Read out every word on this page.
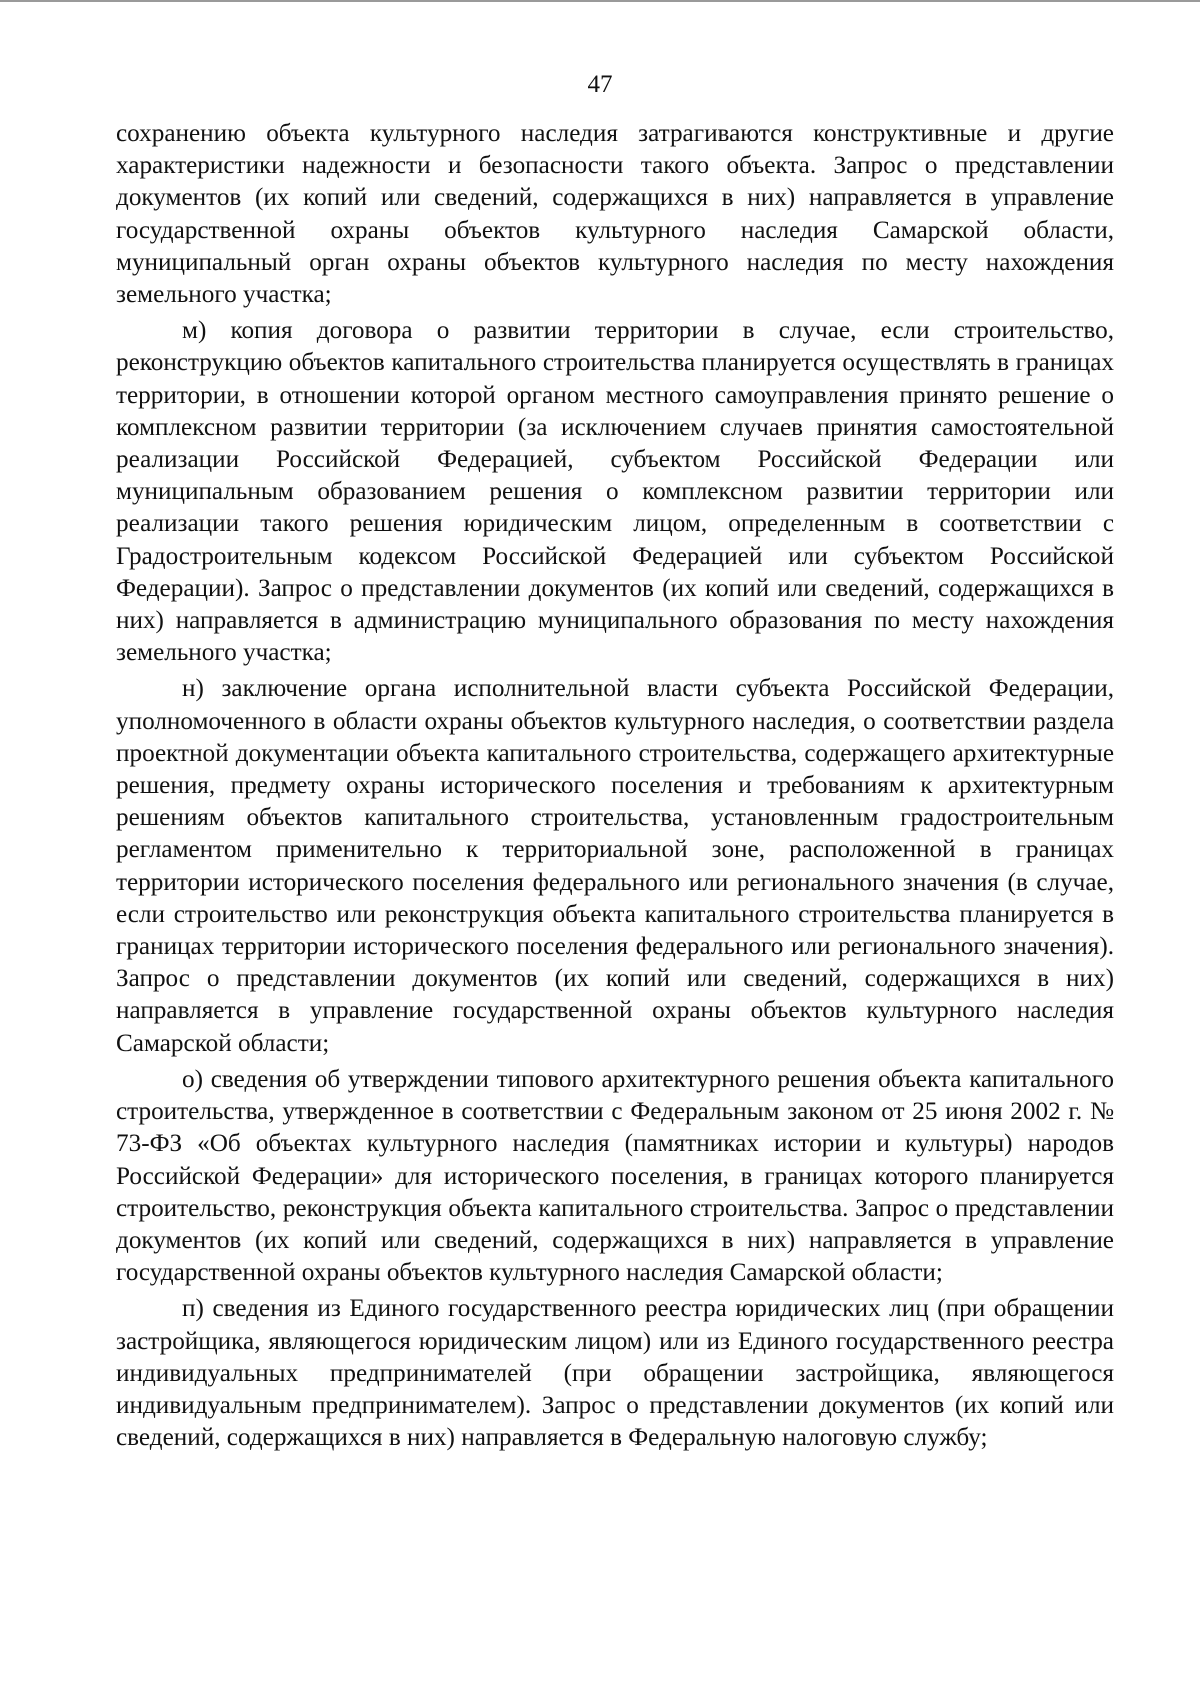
47

сохранению объекта культурного наследия затрагиваются конструктивные и другие характеристики надежности и безопасности такого объекта. Запрос о представлении документов (их копий или сведений, содержащихся в них) направляется в управление государственной охраны объектов культурного наследия Самарской области, муниципальный орган охраны объектов культурного наследия по месту нахождения земельного участка;

м) копия договора о развитии территории в случае, если строительство, реконструкцию объектов капитального строительства планируется осуществлять в границах территории, в отношении которой органом местного самоуправления принято решение о комплексном развитии территории (за исключением случаев принятия самостоятельной реализации Российской Федерацией, субъектом Российской Федерации или муниципальным образованием решения о комплексном развитии территории или реализации такого решения юридическим лицом, определенным в соответствии с Градостроительным кодексом Российской Федерацией или субъектом Российской Федерации). Запрос о представлении документов (их копий или сведений, содержащихся в них) направляется в администрацию муниципального образования по месту нахождения земельного участка;

н) заключение органа исполнительной власти субъекта Российской Федерации, уполномоченного в области охраны объектов культурного наследия, о соответствии раздела проектной документации объекта капитального строительства, содержащего архитектурные решения, предмету охраны исторического поселения и требованиям к архитектурным решениям объектов капитального строительства, установленным градостроительным регламентом применительно к территориальной зоне, расположенной в границах территории исторического поселения федерального или регионального значения (в случае, если строительство или реконструкция объекта капитального строительства планируется в границах территории исторического поселения федерального или регионального значения). Запрос о представлении документов (их копий или сведений, содержащихся в них) направляется в управление государственной охраны объектов культурного наследия Самарской области;

о) сведения об утверждении типового архитектурного решения объекта капитального строительства, утвержденное в соответствии с Федеральным законом от 25 июня 2002 г. № 73-ФЗ «Об объектах культурного наследия (памятниках истории и культуры) народов Российской Федерации» для исторического поселения, в границах которого планируется строительство, реконструкция объекта капитального строительства. Запрос о представлении документов (их копий или сведений, содержащихся в них) направляется в управление государственной охраны объектов культурного наследия Самарской области;

п) сведения из Единого государственного реестра юридических лиц (при обращении застройщика, являющегося юридическим лицом) или из Единого государственного реестра индивидуальных предпринимателей (при обращении застройщика, являющегося индивидуальным предпринимателем). Запрос о представлении документов (их копий или сведений, содержащихся в них) направляется в Федеральную налоговую службу;
